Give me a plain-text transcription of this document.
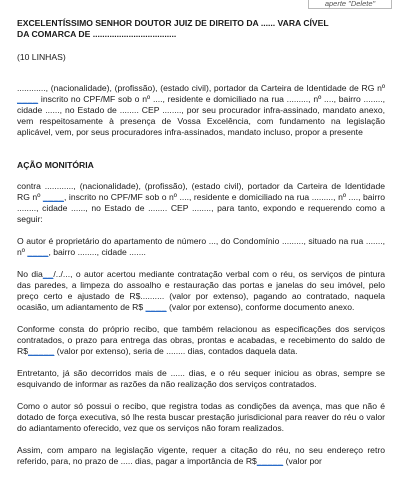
aperte "Delete"
EXCELENTÍSSIMO SENHOR DOUTOR JUIZ DE DIREITO DA ...... VARA CÍVEL
DA COMARCA DE ...................................
(10 LINHAS)

............, (nacionalidade), (profissão), (estado civil), portador da Carteira de Identidade de RG nº ____ inscrito no CPF/MF sob o nº ...., residente e domiciliado na rua ........., nº ...., bairro ........, cidade ......, no Estado de ........ CEP ........, por seu procurador infra-assinado, mandato anexo, vem respeitosamente à presença de Vossa Excelência, com fundamento na legislação aplicável, vem, por seus procuradores infra-assinados, mandato incluso, propor a presente

AÇÃO MONITÓRIA

contra ............, (nacionalidade), (profissão), (estado civil), portador da Carteira de Identidade RG nº ____, inscrito no CPF/MF sob o nº ...., residente e domiciliado na rua ........., nº ...., bairro ........, cidade ......, no Estado de ........ CEP ........, para tanto, expondo e requerendo como a seguir:

O autor é proprietário do apartamento de número ..., do Condomínio ........., situado na rua ......., nº ____, bairro ........, cidade .......

No dia__/../..., o autor acertou mediante contratação verbal com o réu, os serviços de pintura das paredes, a limpeza do assoalho e restauração das portas e janelas do seu imóvel, pelo preço certo e ajustado de R$.......... (valor por extenso), pagando ao contratado, naquela ocasião, um adiantamento de R$ ____ (valor por extenso), conforme documento anexo.

Conforme consta do próprio recibo, que também relacionou as especificações dos serviços contratados, o prazo para entrega das obras, prontas e acabadas, e recebimento do saldo de R$_____ (valor por extenso), seria de ........ dias, contados daquela data.

Entretanto, já são decorridos mais de ...... dias, e o réu sequer iniciou as obras, sempre se esquivando de informar as razões da não realização dos serviços contratados.

Como o autor só possui o recibo, que registra todas as condições da avença, mas que não é dotado de força executiva, só lhe resta buscar prestação jurisdicional para reaver do réu o valor do adiantamento oferecido, vez que os serviços não foram realizados.

Assim, com amparo na legislação vigente, requer a citação do réu, no seu endereço retro referido, para, no prazo de ..... dias, pagar a importância de R$_____ (valor por
